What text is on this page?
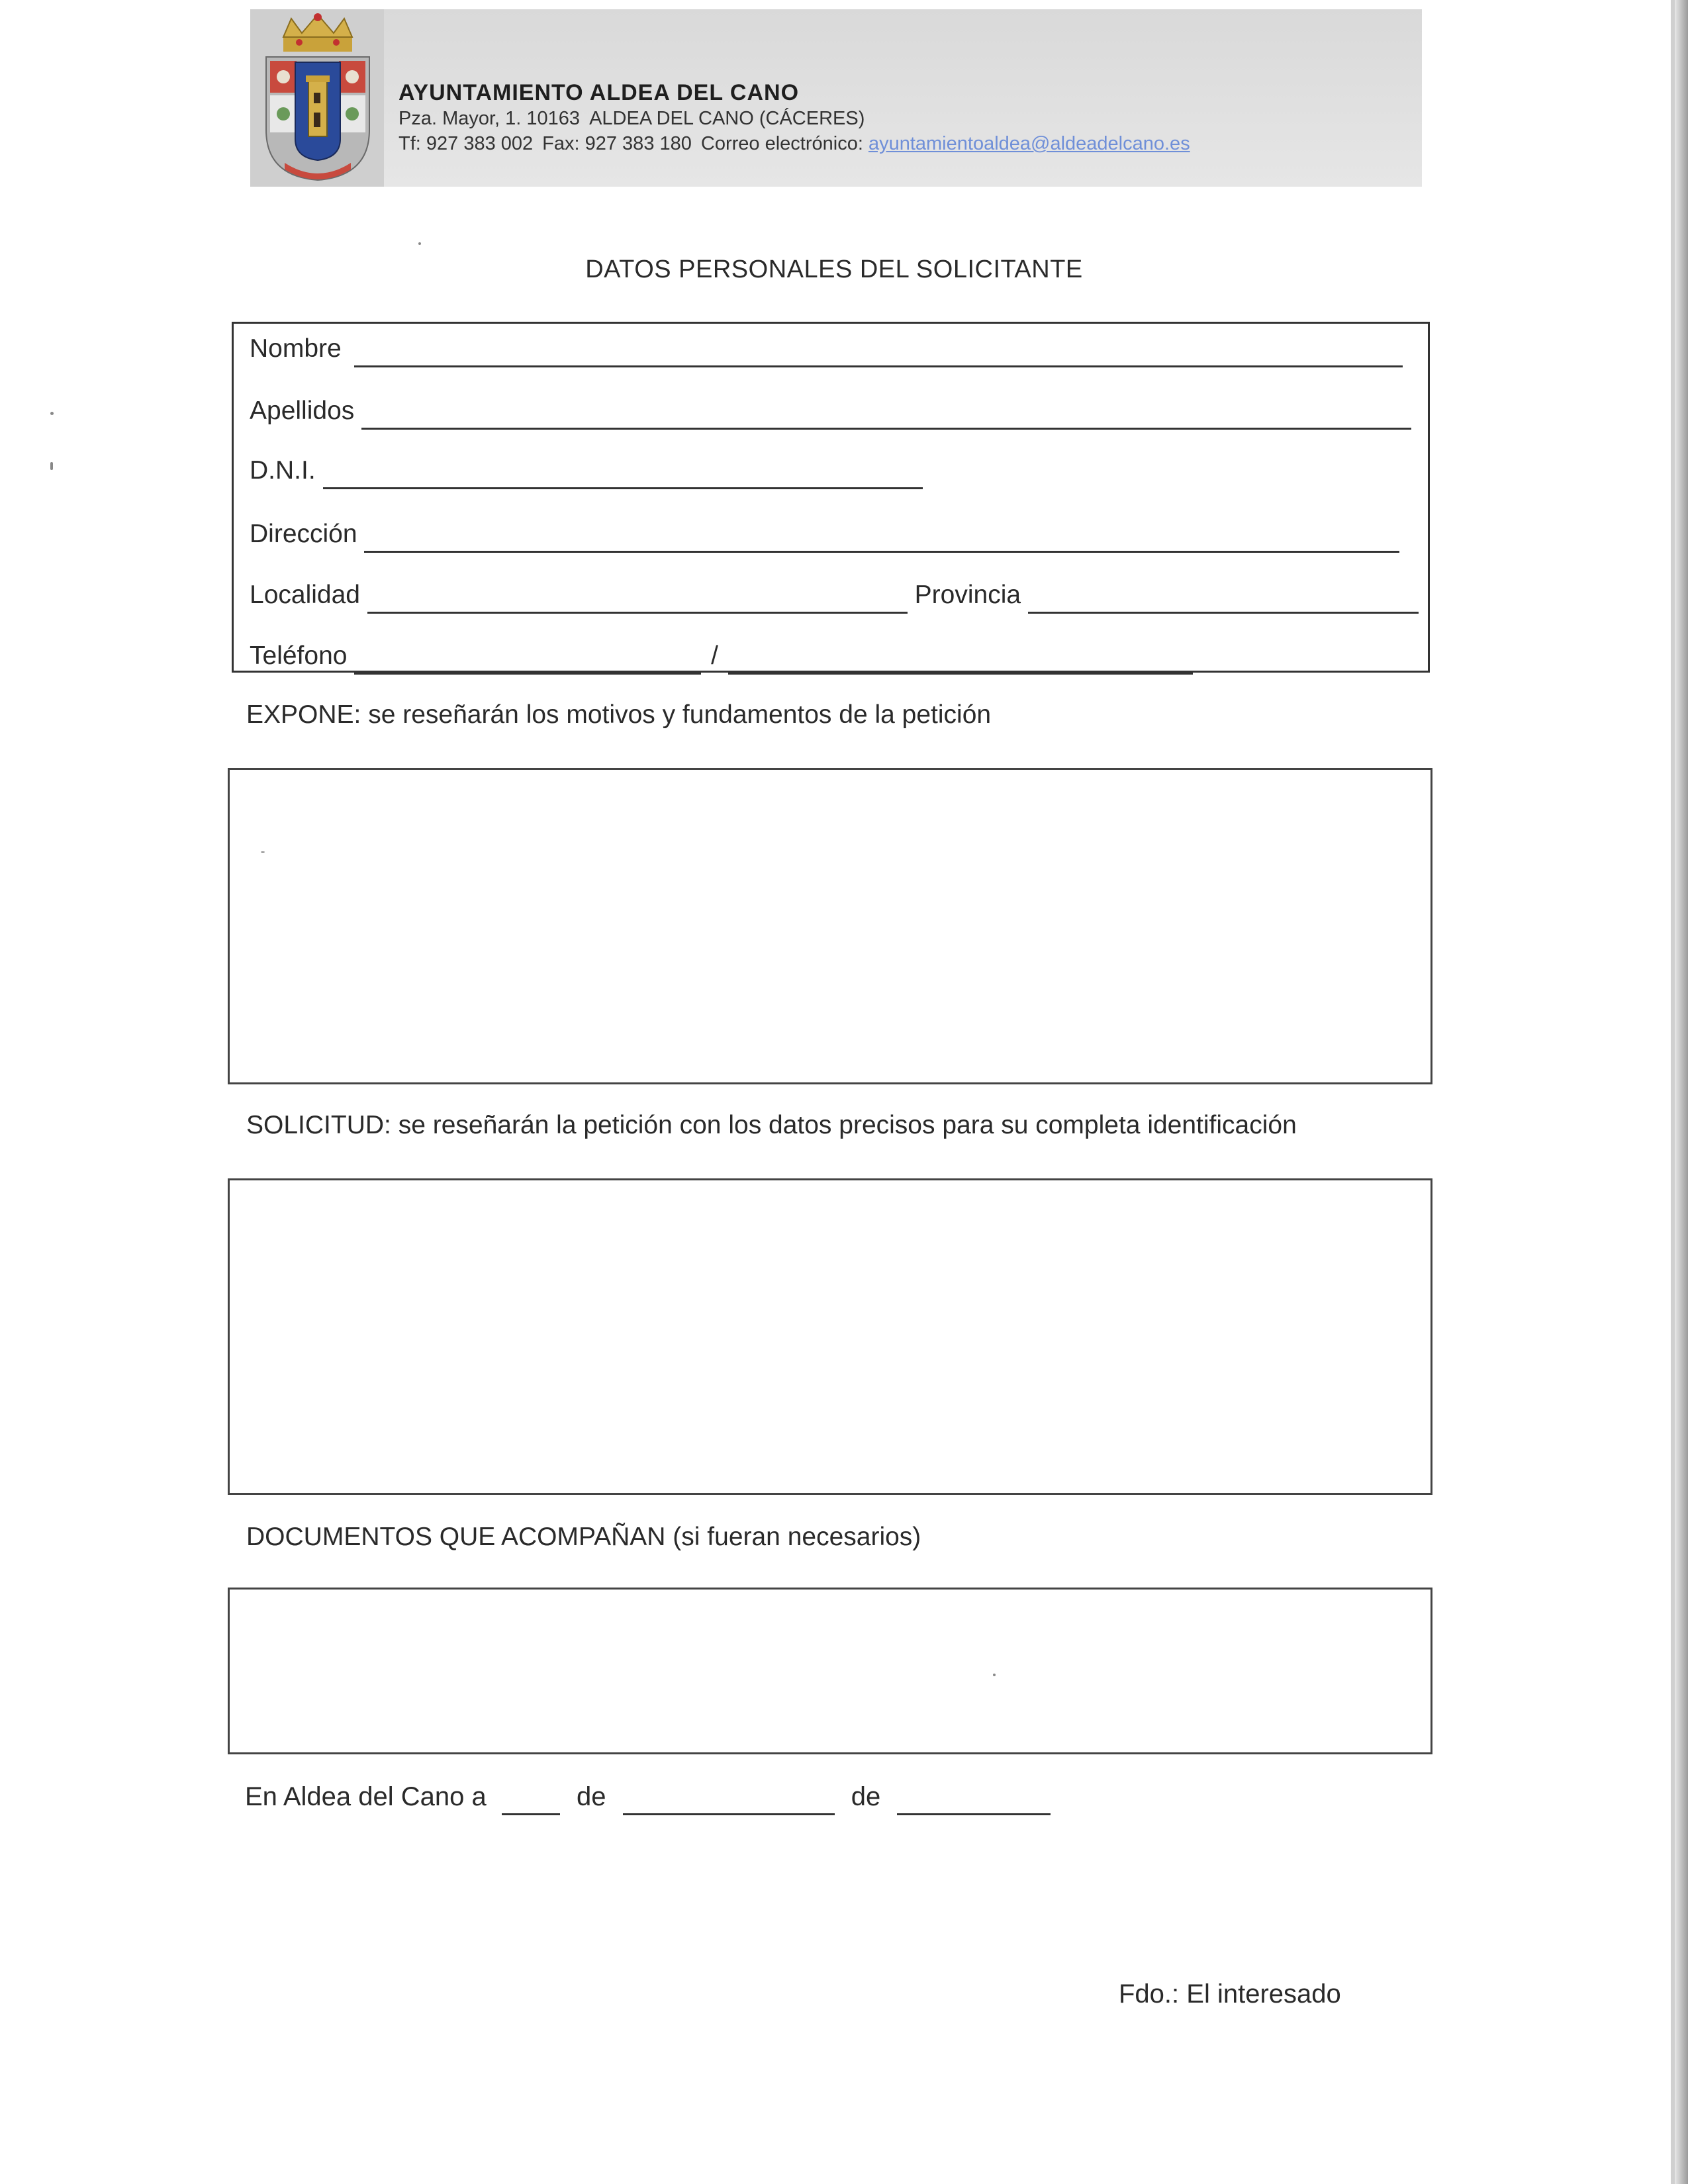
AYUNTAMIENTO ALDEA DEL CANO
Pza. Mayor, 1. 10163 ALDEA DEL CANO (CÁCERES)
Tf: 927 383 002 Fax: 927 383 180 Correo electrónico: ayuntamientoaldea@aldeadelcano.es
DATOS PERSONALES DEL SOLICITANTE
Nombre
Apellidos
D.N.I.
Dirección
Localidad	Provincia
Teléfono	/
EXPONE: se reseñarán los motivos y fundamentos de la petición
SOLICITUD: se reseñarán la petición con los datos precisos para su completa identificación
DOCUMENTOS QUE ACOMPAÑAN (si fueran necesarios)
En Aldea del Cano a	de	de
Fdo.: El interesado
